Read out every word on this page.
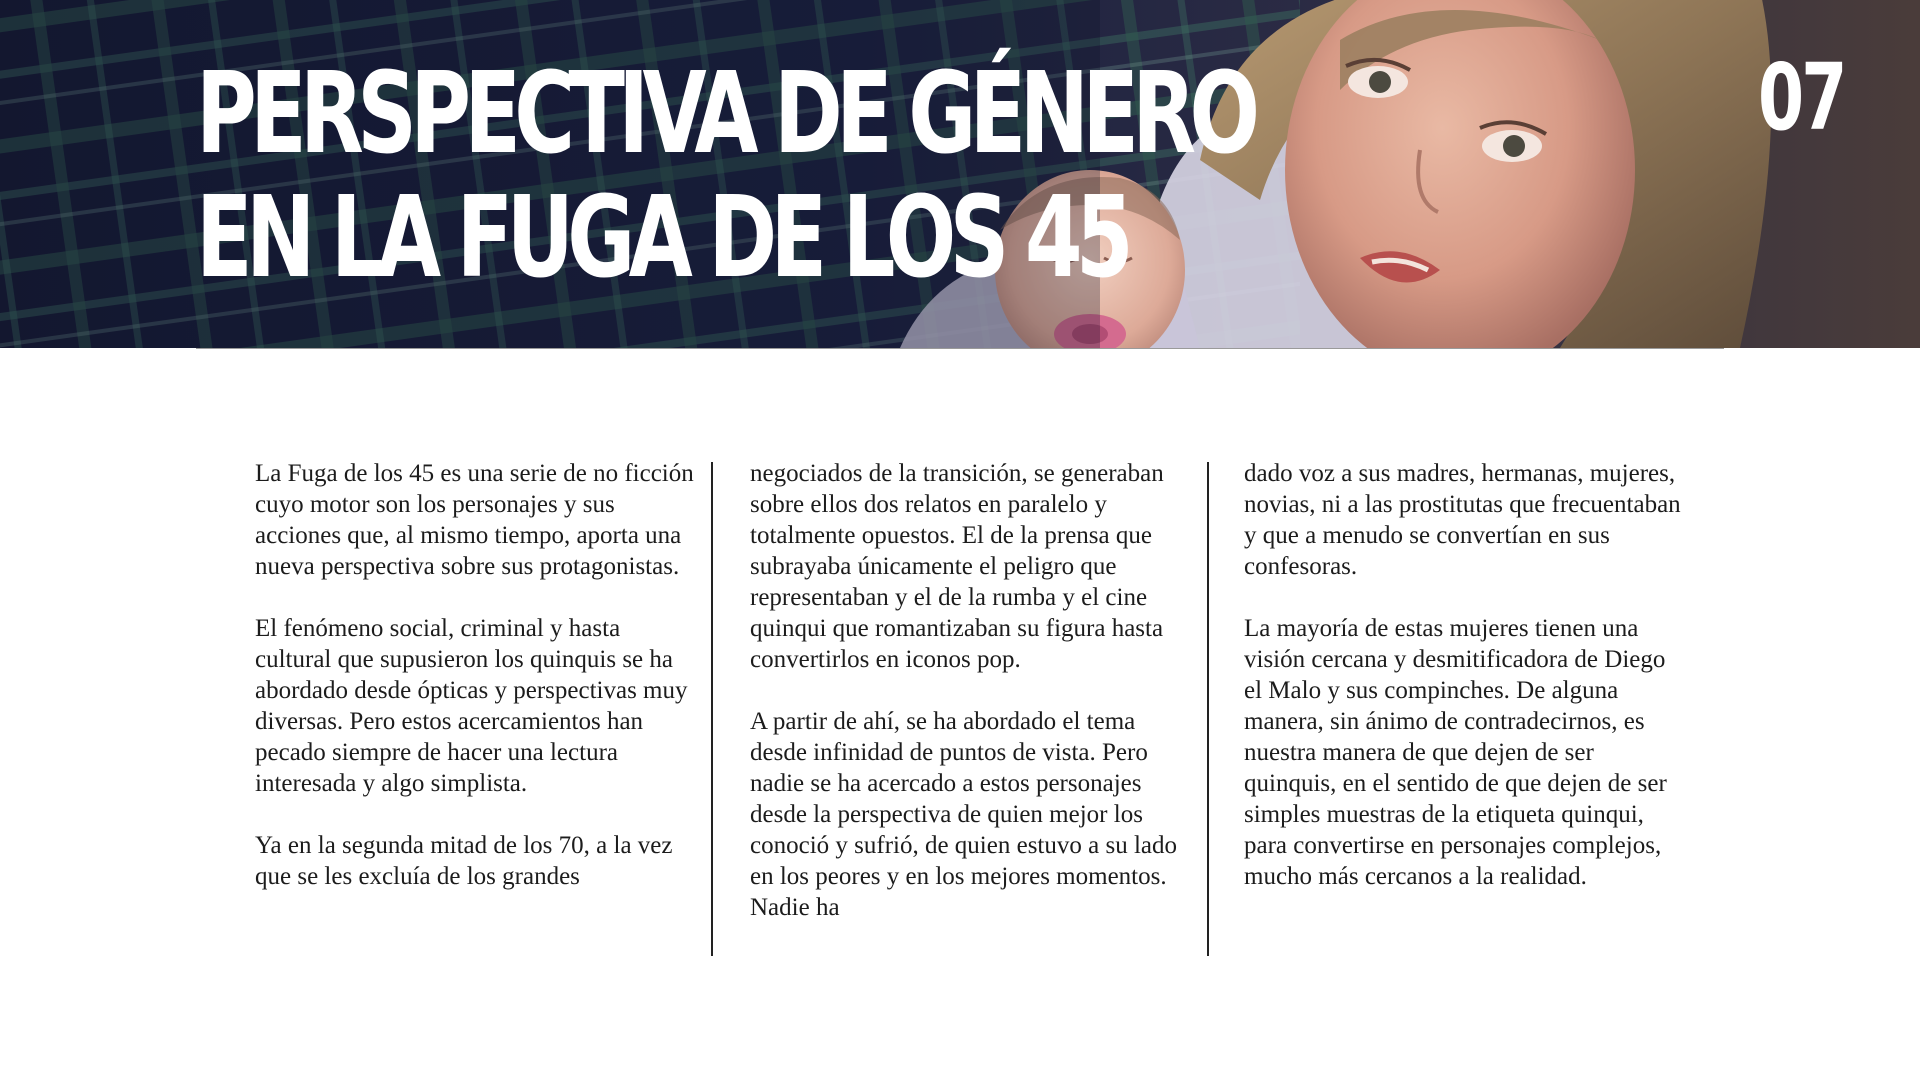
PERSPECTIVA DE GÉNERO
EN LA FUGA DE LOS 45
07

La Fuga de los 45 es una serie de no ficción cuyo motor son los personajes y sus acciones que, al mismo tiempo, aporta una nueva perspectiva sobre sus protagonistas.

El fenómeno social, criminal y hasta cultural que supusieron los quinquis se ha abordado desde ópticas y perspectivas muy diversas. Pero estos acercamientos han pecado siempre de hacer una lectura interesada y algo simplista.

Ya en la segunda mitad de los 70, a la vez que se les excluía de los grandes

negociados de la transición, se generaban sobre ellos dos relatos en paralelo y totalmente opuestos. El de la prensa que subrayaba únicamente el peligro que representaban y el de la rumba y el cine quinqui que romantizaban su figura hasta convertirlos en iconos pop.

A partir de ahí, se ha abordado el tema desde infinidad de puntos de vista. Pero nadie se ha acercado a estos personajes desde la perspectiva de quien mejor los conoció y sufrió, de quien estuvo a su lado en los peores y en los mejores momentos. Nadie ha

dado voz a sus madres, hermanas, mujeres, novias, ni a las prostitutas que frecuentaban y que a menudo se convertían en sus confesoras.

La mayoría de estas mujeres tienen una visión cercana y desmitificadora de Diego el Malo y sus compinches. De alguna manera, sin ánimo de contradecirnos, es nuestra manera de que dejen de ser quinquis, en el sentido de que dejen de ser simples muestras de la etiqueta quinqui, para convertirse en personajes complejos, mucho más cercanos a la realidad.
